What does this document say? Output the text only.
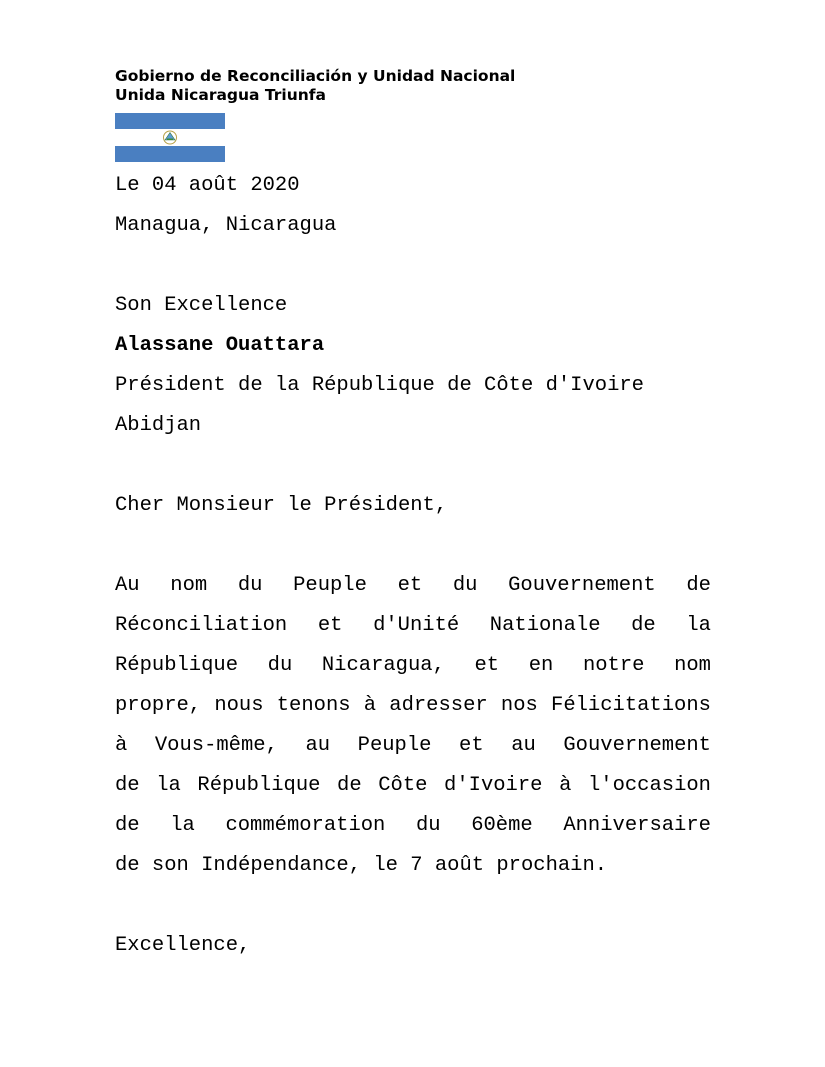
Gobierno de Reconciliación y Unidad Nacional
Unida Nicaragua Triunfa
Le 04 août 2020
Managua, Nicaragua
Son Excellence
Alassane Ouattara
Président de la République de Côte d'Ivoire
Abidjan
Cher Monsieur le Président,
Au nom du Peuple et du Gouvernement de
Réconciliation et d'Unité Nationale de la
République du Nicaragua, et en notre nom
propre, nous tenons à adresser nos Félicitations
à Vous-même, au Peuple et au Gouvernement
de la République de Côte d'Ivoire à l'occasion
de la commémoration du 60ème Anniversaire
de son Indépendance, le 7 août prochain.
Excellence,
